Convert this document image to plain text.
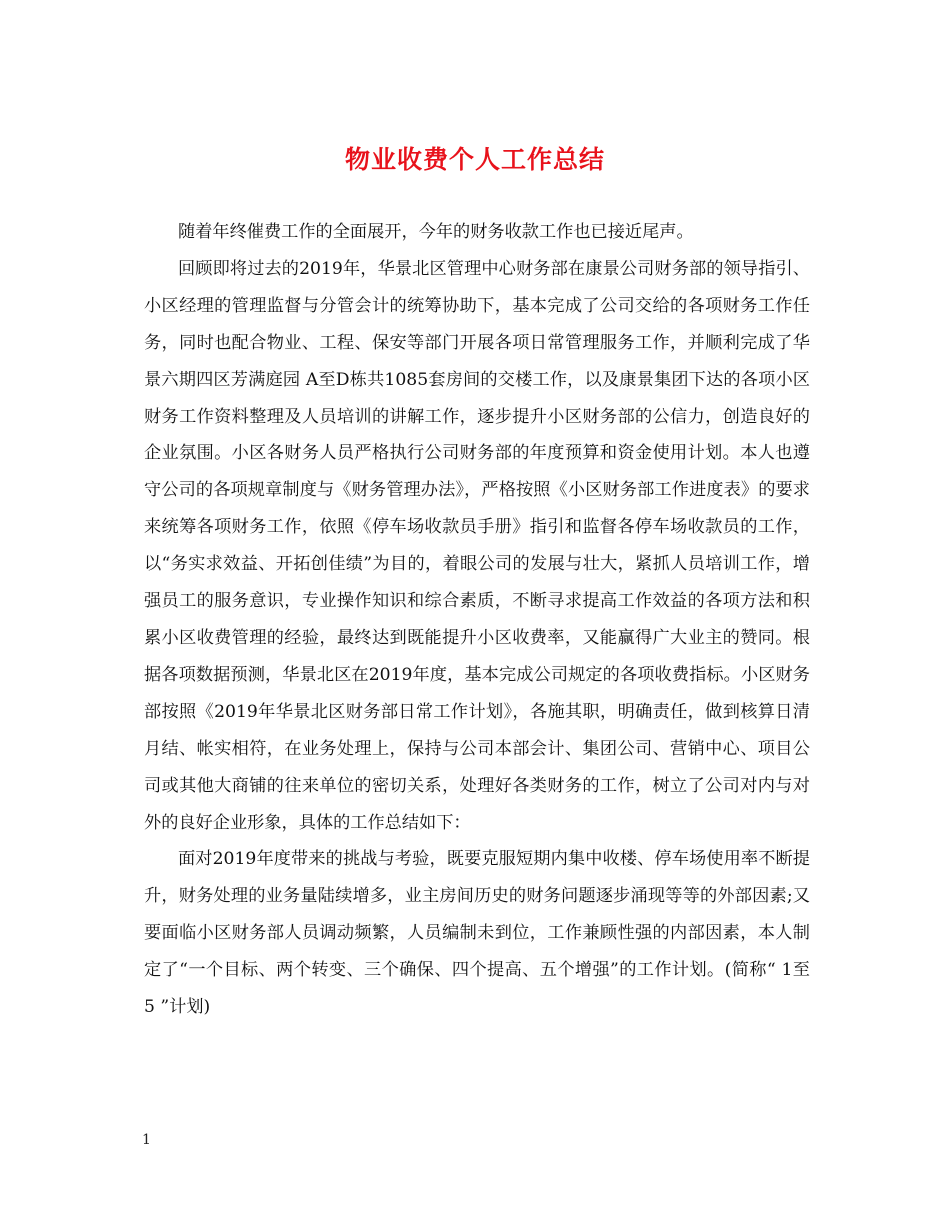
物业收费个人工作总结

随着年终催费工作的全面展开，今年的财务收款工作也已接近尾声。

回顾即将过去的2019年，华景北区管理中心财务部在康景公司财务部的领导指引、小区经理的管理监督与分管会计的统筹协助下，基本完成了公司交给的各项财务工作任务，同时也配合物业、工程、保安等部门开展各项日常管理服务工作，并顺利完成了华景六期四区芳满庭园 A至D栋共1085套房间的交楼工作，以及康景集团下达的各项小区财务工作资料整理及人员培训的讲解工作，逐步提升小区财务部的公信力，创造良好的企业氛围。小区各财务人员严格执行公司财务部的年度预算和资金使用计划。本人也遵守公司的各项规章制度与《财务管理办法》，严格按照《小区财务部工作进度表》的要求来统筹各项财务工作，依照《停车场收款员手册》指引和监督各停车场收款员的工作，以“务实求效益、开拓创佳绩”为目的，着眼公司的发展与壮大，紧抓人员培训工作，增强员工的服务意识，专业操作知识和综合素质，不断寻求提高工作效益的各项方法和积累小区收费管理的经验，最终达到既能提升小区收费率，又能赢得广大业主的赞同。根据各项数据预测，华景北区在2019年度，基本完成公司规定的各项收费指标。小区财务部按照《2019年华景北区财务部日常工作计划》，各施其职，明确责任，做到核算日清月结、帐实相符，在业务处理上，保持与公司本部会计、集团公司、营销中心、项目公司或其他大商铺的往来单位的密切关系，处理好各类财务的工作，树立了公司对内与对外的良好企业形象，具体的工作总结如下：

面对2019年度带来的挑战与考验，既要克服短期内集中收楼、停车场使用率不断提升，财务处理的业务量陆续增多，业主房间历史的财务问题逐步涌现等等的外部因素;又要面临小区财务部人员调动频繁，人员编制未到位，工作兼顾性强的内部因素，本人制定了“一个目标、两个转变、三个确保、四个提高、五个增强”的工作计划。(简称“ 1至 5 ”计划)

1
